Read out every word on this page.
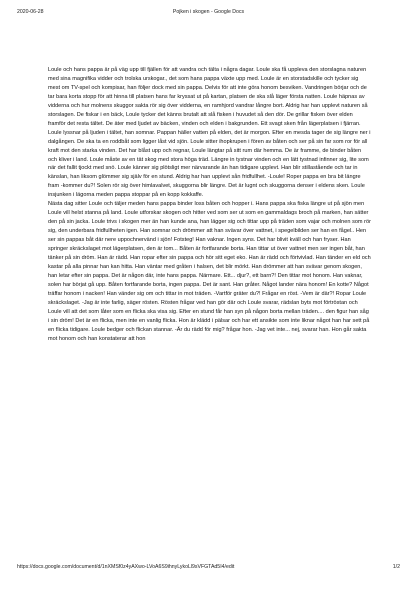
2020-06-28	Pojken i skogen - Google Docs

Loule och hans pappa är på väg upp till fjällen för att vandra och tälta i några dagar. Loule ska få uppleva den storslagna naturen med sina magnifika vidder och trolska urskogar., det som hans pappa växte upp med. Loule är en storstadskille och tycker sig mest om TV-spel och kompisar, han följer dock med sin pappa. Delvis för att inte göra honom besviken. Vandringen börjar och de tar bara korta stopp för att hinna till platsen hans far kryssat ut på kartan, platsen de ska slå läger första natten. Loule häpnas av vidderna och hur molnens skuggor sakta rör sig över vidderna, en ramhjord vandrar långre bort. Aldrig har han upplevt naturen så storslagen. De fiskar i en bäck, Loule tycker det känns brutalt att slå fisken i huvudet så den dör. De grillar fisken över elden framför det resta tältet. De äter med ljudet av bäcken, vinden och elden i bakgrunden. Ett svagt sken från lägerplatsen i fjärran. Loule lyssnar på ljuden i tältet, han somnar. Pappan häller vatten på elden, det är morgon. Efter en mesda tager de sig längre ner i dalgången. De ska ta en roddbåt som ligger låst vid sjön. Loule sitter ihopkrupen i fören av båten och ser på sin far som ror för all kraft mot den starka vinden. Det har blåst upp och regnar, Loule längtar på sitt rum där hemma. De är framme, de binder båten och kliver i land. Loule måste av en tät skog med stora höga träd. Längre in tystnar vinden och en lätt tystnad infinner sig, lite som när det fallit tjockt med snö. Loule känner sig plötsligt mer närvarande än han tidigare upplevt. Han blir stillastående och tar in känslan, han liksom glömmer sig själv för en stund. Aldrig har han upplevt sån fridfullhet. -Loule! Roper pappa en bra bit längre fram -kommer du?! Solen rör sig över himlavalvet, skuggorna blir längre. Det är lugnt och skuggorna denser i eldens sken. Loule insjunken i lägorna meden pappa stoppar på en kopp kokkaffe.

Nästa dag sitter Loule och täljer meden hans pappa binder loss båten och hopper i. Hans pappa ska fiska längre ut på sjön men Loule vill helst stanna på land. Loule utforskar skogen och hitter ved som ser ut som en gammaldags broch på marken, han sätter den på sin jacka. Loule trivs i skogen mer än han kunde ana, han lägger sig och tittar upp på träden som vajar och molnen som rör sig, den underbara fridfullheten igen. Han somnar och drömmer att han svävar över vattnet, i spegelbilden ser han en fågel.. Hen ser sin pappas båt där nere uppochnervänd i sjön! Fotsteg! Han vaknar. Ingen syns. Det har blivit kväll och han fryser. Han springer skräckslaget mot lägerplatsen, den är tom... Båten är fortfarande borta. Han tittar ut över vattnet men ser ingen båt, han tänker på sin dröm. Han är rädd. Han ropar efter sin pappa och hör sitt eget eko. Han är rädd och förtvivlad. Han tänder en eld och kastar på alla pinnar han kan hitta. Han väntar med gråten i halsen, det blir mörkt. Han drömmer att han svävar genom skogen, han letar efter sin pappa. Det är någon där, inte hans pappa. Närmare. Ett... djur?, ett barn?! Den tittar mot honom. Han vaknar, solen har börjat gå upp. Båten fortfarande borta, ingen pappa. Det är sant. Han gråter. Något lander nära honom! En kotte? Något träffar honom i nacken! Han vänder sig om och tittar in mot träden. -Vartför gräter du?! Frågar en röst. -Vem är där?! Ropar Loule skräckslaget. -Jag är inte farlig, säger rösten. Rösten frågar ved han gör där och Loule svarar, rädslan byts mot förtröstan och Loule vill att det som låter som en flicka ska visa sig. Efter en stund får han syn på någon borta mellan träden.... den figur han såg i sin dröm! Det är en flicka, men inte en vanlig flicka. Hon är klädd i pälsar och har ett ansikte som inte liknar något han har sett på en flicka tidigare. Loule bedger och flickan stannar. -Är du rädd för mig? frågar hon. -Jag vet inte... nej, svarar han. Hon går sakta mot honom och han konstaterar att hon

https://docs.google.com/document/d/1nXMSf0z4yAXwo-LVoA6S9ihnyLykoLl9sVFGTAd5I4/edit	1/2
